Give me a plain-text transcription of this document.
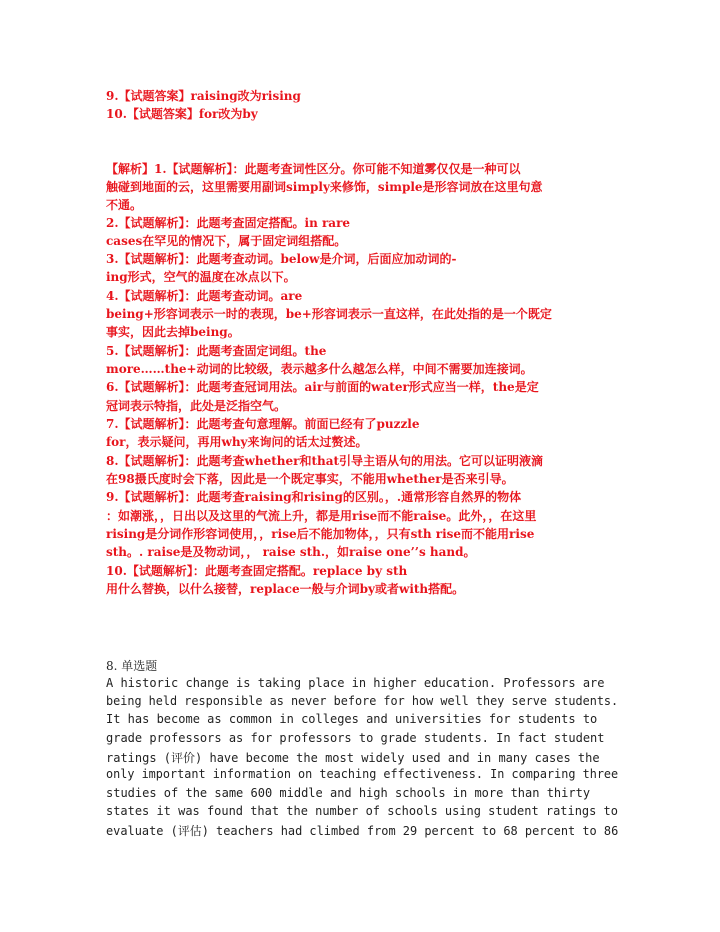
9.【试题答案】raising改为rising
10.【试题答案】for改为by
【解析】1.【试题解析】：此题考查词性区分。你可能不知道雾仅仅是一种可以
触碰到地面的云，这里需要用副词simply来修饰，simple是形容词放在这里句意
不通。
2.【试题解析】：此题考查固定搭配。in rare
cases在罕见的情况下，属于固定词组搭配。
3.【试题解析】：此题考查动词。below是介词，后面应加动词的-
ing形式，空气的温度在冰点以下。
4.【试题解析】：此题考查动词。are
being+形容词表示一时的表现，be+形容词表示一直这样，在此处指的是一个既定
事实，因此去掉being。
5.【试题解析】：此题考查固定词组。the
more……the+动词的比较级，表示越多什么越怎么样，中间不需要加连接词。
6.【试题解析】：此题考查冠词用法。air与前面的water形式应当一样，the是定
冠词表示特指，此处是泛指空气。
7.【试题解析】：此题考查句意理解。前面已经有了puzzle
for，表示疑问，再用why来询问的话太过赘述。
8.【试题解析】：此题考查whether和that引导主语从句的用法。它可以证明液滴
在98摄氏度时会下落，因此是一个既定事实，不能用whether是否来引导。
9.【试题解析】：此题考查raising和rising的区别。，.通常形容自然界的物体
：如潮涨，，日出以及这里的气流上升，都是用rise而不能raise。此外，，在这里
rising是分词作形容词使用，，rise后不能加物体，，只有sth rise而不能用rise
sth。. raise是及物动词，， raise sth.，如raise one’’s hand。
10.【试题解析】：此题考查固定搭配。replace by sth
用什么替换，以什么接替，replace一般与介词by或者with搭配。
8. 单选题
A historic change is taking place in higher education. Professors are
being held responsible as never before for how well they serve students.
It has become as common in colleges and universities for students to
grade professors as for professors to grade students. In fact student
ratings (评价) have become the most widely used and in many cases the
only important information on teaching effectiveness. In comparing three
studies of the same 600 middle and high schools in more than thirty
states it was found that the number of schools using student ratings to
evaluate (评估) teachers had climbed from 29 percent to 68 percent to 86
